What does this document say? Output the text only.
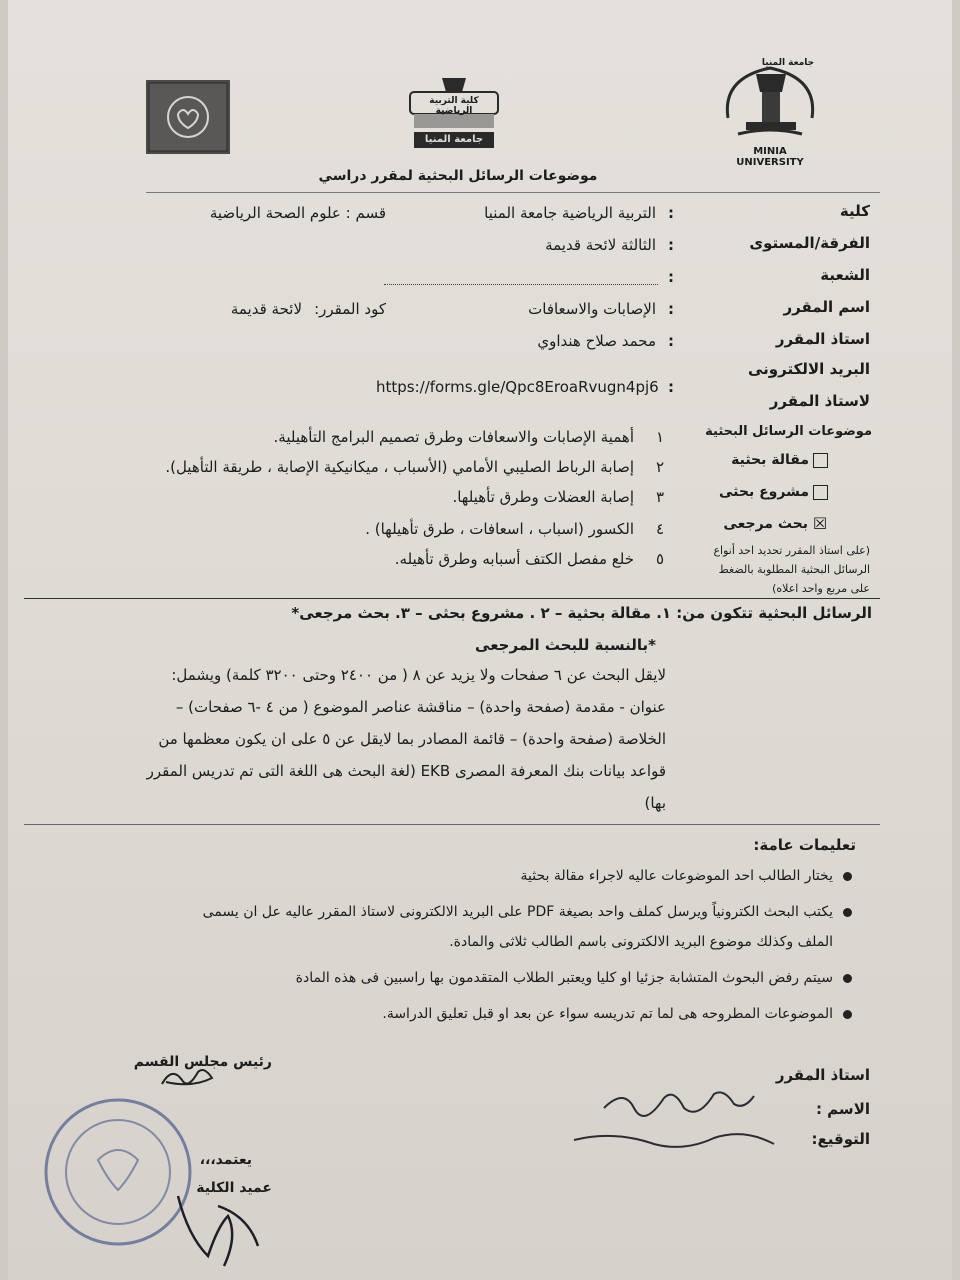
كلية التربية الرياضية
جامعة المنيا
جامعة المنيا
MINIA UNIVERSITY
موضوعات الرسائل البحثية لمقرر دراسي
كلية
الفرقة/المستوى
الشعبة
اسم المقرر
استاذ المقرر
البريد الالكترونى
لاستاذ المقرر
:
:
:
:
:
:
التربية الرياضية جامعة المنيا
قسم : علوم الصحة الرياضية
الثالثة لائحة قديمة
الإصابات والاسعافات
كود المقرر:
لائحة قديمة
محمد صلاح هنداوي
https://forms.gle/Qpc8EroaRvugn4pj6
موضوعات الرسائل البحثية
١
أهمية الإصابات والاسعافات وطرق تصميم البرامج التأهيلية.
٢
إصابة الرباط الصليبي الأمامي (الأسباب ، ميكانيكية الإصابة ، طريقة التأهيل).
٣
إصابة العضلات وطرق تأهيلها.
٤
الكسور (اسباب ، اسعافات ، طرق تأهيلها) .
٥
خلع مفصل الكتف أسبابه وطرق تأهيله.
مقالة بحثية
مشروع بحثى
☒بحث مرجعى
(على استاذ المقرر تحديد احد أنواع
الرسائل البحثية المطلوبة بالضغط
على مربع واحد اعلاه)
الرسائل البحثية تتكون من: ١. مقالة بحثية – ٢ . مشروع بحثى – ٣. بحث مرجعى*
*بالنسبة للبحث المرجعى
لايقل البحث عن ٦ صفحات ولا يزيد عن ٨ ( من ٢٤٠٠ وحتى ٣٢٠٠ كلمة) ويشمل:
عنوان - مقدمة (صفحة واحدة) – مناقشة عناصر الموضوع ( من ٤ -٦ صفحات) –
الخلاصة (صفحة واحدة) – قائمة المصادر بما لايقل عن ٥ على ان يكون معظمها من
قواعد بيانات بنك المعرفة المصرى EKB (لغة البحث هى اللغة التى تم تدريس المقرر
بها)
تعليمات عامة:
يختار الطالب احد الموضوعات عاليه لاجراء مقالة بحثية
يكتب البحث الكترونياً ويرسل كملف واحد بصيغة PDF على البريد الالكترونى لاستاذ المقرر عاليه عل ان يسمى
الملف وكذلك موضوع البريد الالكترونى باسم الطالب ثلاثى والمادة.
سيتم رفض البحوث المتشابة جزئيا او كليا ويعتبر الطلاب المتقدمون بها راسبين فى هذه المادة
الموضوعات المطروحه هى لما تم تدريسه سواء عن بعد او قبل تعليق الدراسة.
رئيس مجلس القسم
استاذ المقرر
الاسم :
التوقيع:
يعتمد،،،
عميد الكلية
